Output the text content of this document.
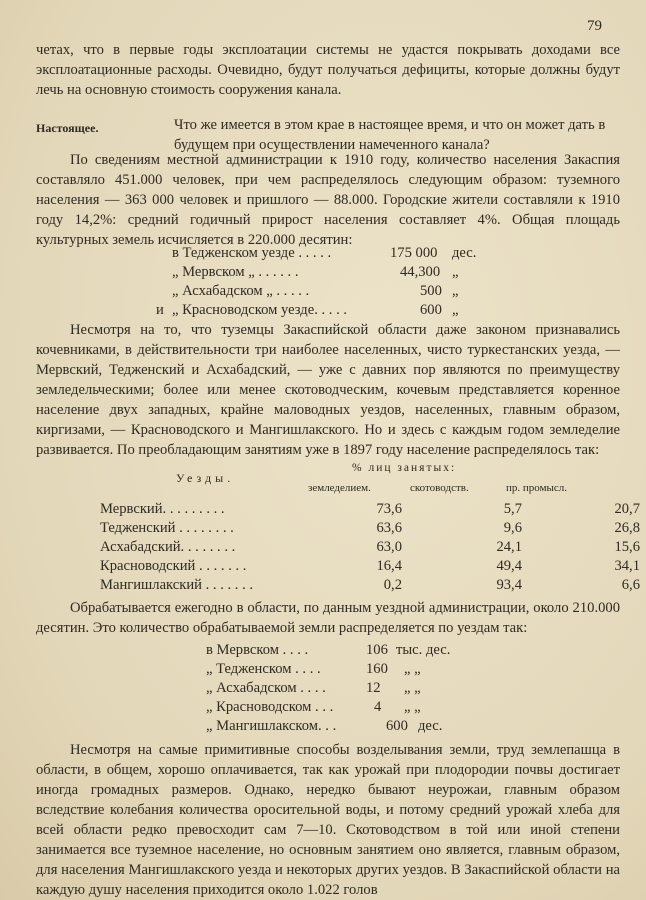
79

четах, что в первые годы эксплоатации системы не удастся покрывать доходами все эксплоатационные расходы. Очевидно, будут получаться дефициты, которые должны будут лечь на основную стоимость сооружения канала.

Настоящее.	Что же имеется в этом крае в настоящее время, и что он может дать в будущем при осуществлении намеченного канала?

По сведениям местной администрации к 1910 году, количество населения Закаспия составляло 451.000 человек, при чем распределялось следующим образом: туземного населения — 363 000 человек и пришлого — 88.000. Городские жители составляли к 1910 году 14,2%: средний годичный прирост населения составляет 4%. Общая площадь культурных земель исчисляется в 220.000 десятин:

в Тедженском уезде . . . . .	175 000 дес.
„ Мервском „ . . . . . .	44,300 „
„ Асхабадском „ . . . . .	500 „
и „ Красноводском уезде. . . . .	600 „

Несмотря на то, что туземцы Закаспийской области даже законом признавались кочевниками, в действительности три наиболее населенных, чисто туркестанских уезда, — Мервский, Тедженский и Асхабадский, — уже с давних пор являются по преимуществу земледельческими; более или менее скотоводческим, кочевым представляется коренное население двух западных, крайне маловодных уездов, населенных, главным образом, киргизами, — Красноводского и Мангишлакского. Но и здесь с каждым годом земледелие развивается. По преобладающим занятиям уже в 1897 году население распределялось так:

Уезды.
% лиц занятых:
земледелием.	скотоводств.	пр. промысл.
Мервский. . . . . . . . .	73,6	5,7	20,7
Тедженский . . . . . . . .	63,6	9,6	26,8
Асхабадский. . . . . . . .	63,0	24,1	15,6
Красноводский . . . . . . .	16,4	49,4	34,1
Мангишлакский . . . . . . .	0,2	93,4	6,6

Обрабатывается ежегодно в области, по данным уездной администрации, около 210.000 десятин. Это количество обрабатываемой земли распределяется по уездам так:

в Мервском . . . .	106 тыс. дес.
„ Тедженском . . . .	160 „ „
„ Асхабадском . . . .	12 „ „
„ Красноводском . . .	4 „ „
„ Мангишлакском. . .	600 дес.

Несмотря на самые примитивные способы возделывания земли, труд землепашца в области, в общем, хорошо оплачивается, так как урожай при плодородии почвы достигает иногда громадных размеров. Однако, нередко бывают неурожаи, главным образом вследствие колебания количества оросительной воды, и потому средний урожай хлеба для всей области редко превосходит сам 7—10. Скотоводством в той или иной степени занимается все туземное население, но основным занятием оно является, главным образом, для населения Мангишлакского уезда и некоторых других уездов. В Закаспийской области на каждую душу населения приходится около 1.022 голов
